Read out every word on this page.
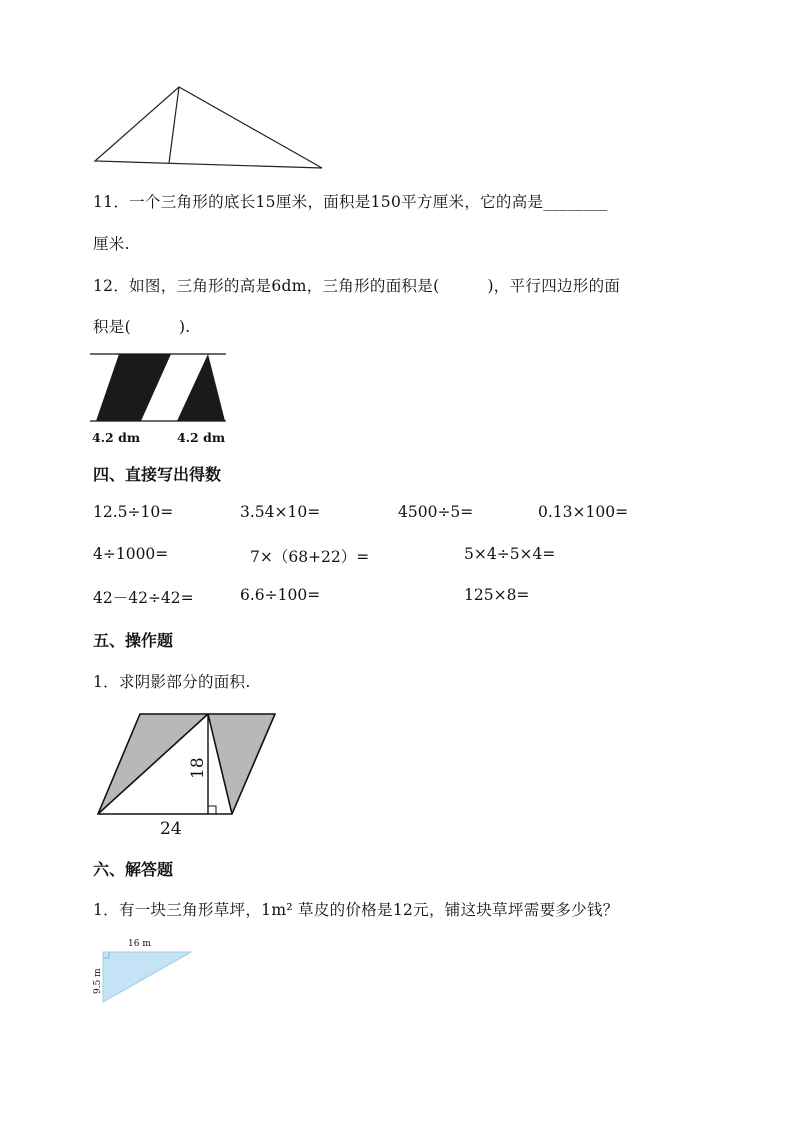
11．一个三角形的底长15厘米，面积是150平方厘米，它的高是________
厘米.
12．如图，三角形的高是6dm，三角形的面积是(	)，平行四边形的面
积是(	).
4.2 dm	4.2 dm
四、直接写出得数
12.5÷10=	3.54×10=	4500÷5=	0.13×100=
4÷1000=	7×（68+22）=	5×4÷5×4=
42－42÷42=	6.6÷100=	125×8=
五、操作题
1．求阴影部分的面积.
18
24
六、解答题
1．有一块三角形草坪，1m² 草皮的价格是12元，铺这块草坪需要多少钱？
16 m
9.5 m
